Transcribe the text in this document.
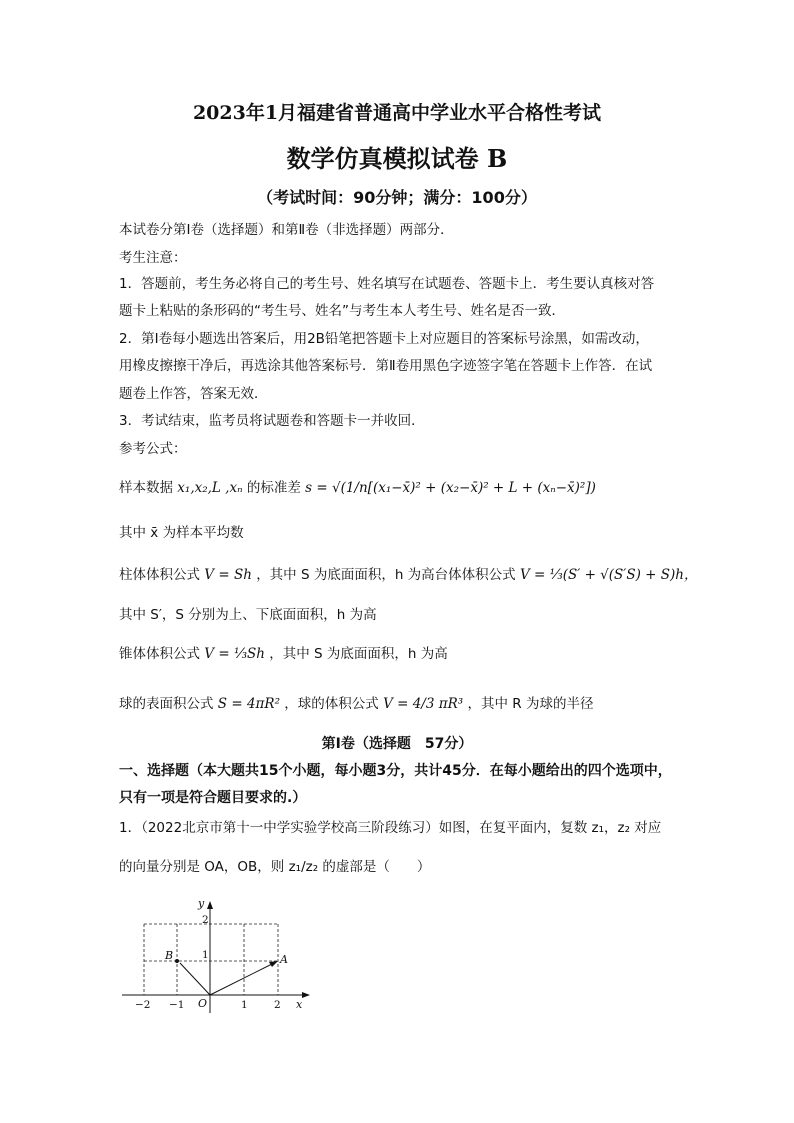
2023年1月福建省普通高中学业水平合格性考试
数学仿真模拟试卷 B
（考试时间：90分钟；满分：100分）
本试卷分第Ⅰ卷（选择题）和第Ⅱ卷（非选择题）两部分．
考生注意：
1．答题前，考生务必将自己的考生号、姓名填写在试题卷、答题卡上．考生要认真核对答
题卡上粘贴的条形码的“考生号、姓名”与考生本人考生号、姓名是否一致．
2．第Ⅰ卷每小题选出答案后，用2B铅笔把答题卡上对应题目的答案标号涂黑，如需改动，
用橡皮擦擦干净后，再选涂其他答案标号．第Ⅱ卷用黑色字迹签字笔在答题卡上作答．在试
题卷上作答，答案无效．
3．考试结束，监考员将试题卷和答题卡一并收回．
参考公式：
样本数据 x₁,x₂,L ,xₙ 的标准差 s = √(1/n[(x₁−x̄)² + (x₂−x̄)² + L + (xₙ−x̄)²])
其中 x̄ 为样本平均数
柱体体积公式 V = Sh ，其中 S 为底面面积，h 为高台体体积公式 V = ⅓(S′ + √(S′S) + S)h，
其中 S′，S 分别为上、下底面面积，h 为高
锥体体积公式 V = ⅓Sh ，其中 S 为底面面积，h 为高
球的表面积公式 S = 4πR² ，球的体积公式 V = 4/3 πR³ ，其中 R 为球的半径
第Ⅰ卷（选择题　57分）
一、选择题（本大题共15个小题，每小题3分，共计45分．在每小题给出的四个选项中，
只有一项是符合题目要求的.）
1．（2022北京市第十一中学实验学校高三阶段练习）如图，在复平面内，复数 z₁，z₂ 对应
的向量分别是 OA，OB，则 z₁/z₂ 的虚部是（　　）
y
x
O
A
B
−2 −1	1	2
1
2
